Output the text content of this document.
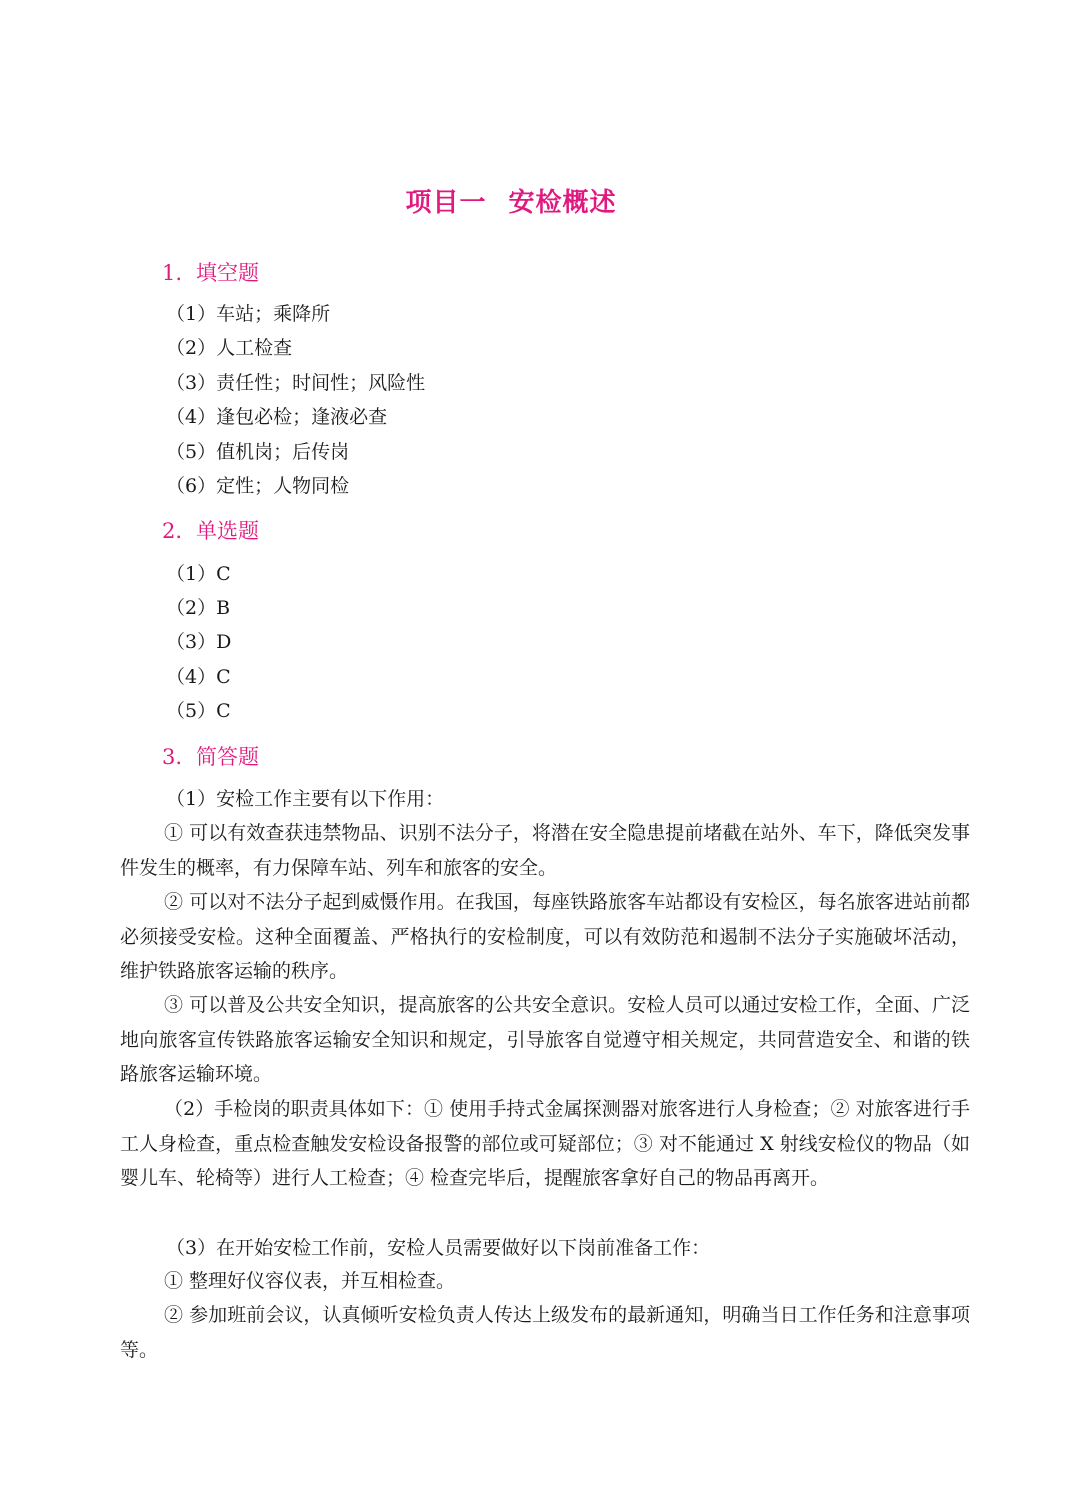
项目一 安检概述
1. 填空题
（1）车站；乘降所
（2）人工检查
（3）责任性；时间性；风险性
（4）逢包必检；逢液必查
（5）值机岗；后传岗
（6）定性；人物同检
2. 单选题
（1）C
（2）B
（3）D
（4）C
（5）C
3. 简答题
（1）安检工作主要有以下作用：
① 可以有效查获违禁物品、识别不法分子，将潜在安全隐患提前堵截在站外、车下，降低突发事件发生的概率，有力保障车站、列车和旅客的安全。
② 可以对不法分子起到威慑作用。在我国，每座铁路旅客车站都设有安检区，每名旅客进站前都必须接受安检。这种全面覆盖、严格执行的安检制度，可以有效防范和遏制不法分子实施破坏活动，维护铁路旅客运输的秩序。
③ 可以普及公共安全知识，提高旅客的公共安全意识。安检人员可以通过安检工作，全面、广泛地向旅客宣传铁路旅客运输安全知识和规定，引导旅客自觉遵守相关规定，共同营造安全、和谐的铁路旅客运输环境。
（2）手检岗的职责具体如下：① 使用手持式金属探测器对旅客进行人身检查；② 对旅客进行手工人身检查，重点检查触发安检设备报警的部位或可疑部位；③ 对不能通过 X 射线安检仪的物品（如婴儿车、轮椅等）进行人工检查；④ 检查完毕后，提醒旅客拿好自己的物品再离开。
（3）在开始安检工作前，安检人员需要做好以下岗前准备工作：
① 整理好仪容仪表，并互相检查。
② 参加班前会议，认真倾听安检负责人传达上级发布的最新通知，明确当日工作任务和注意事项等。
